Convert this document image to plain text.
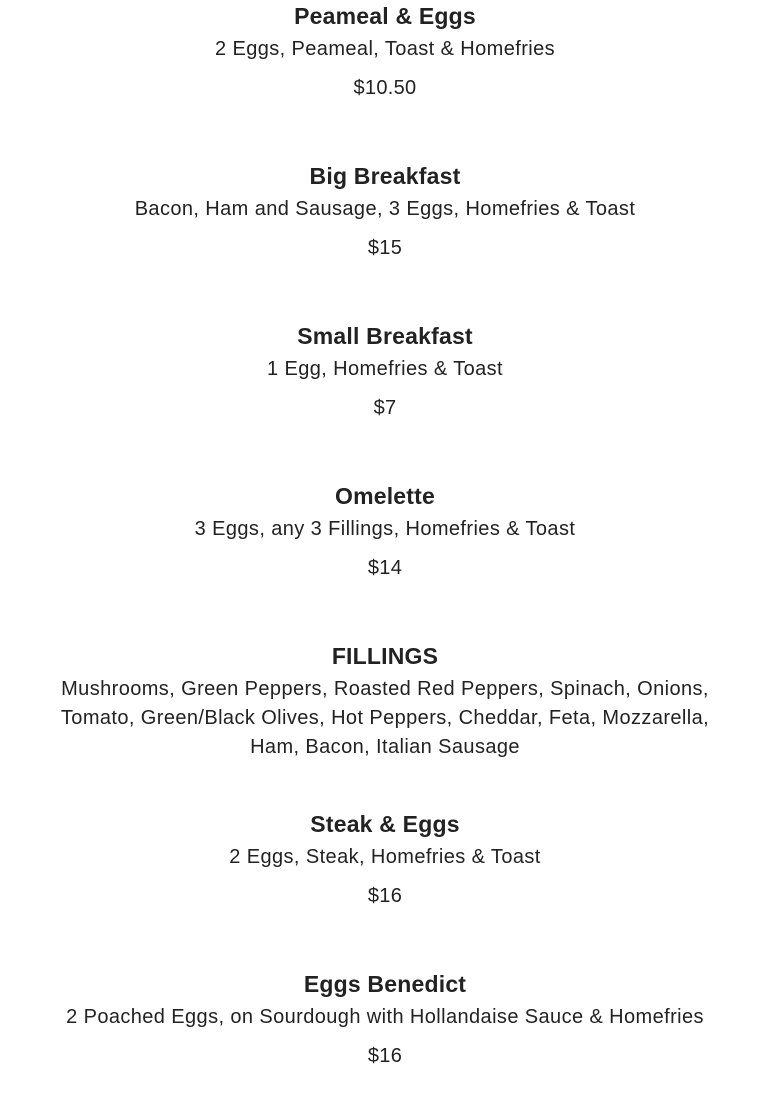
Peameal & Eggs
2 Eggs, Peameal, Toast & Homefries
$10.50
Big Breakfast
Bacon, Ham and Sausage, 3 Eggs, Homefries & Toast
$15
Small Breakfast
1 Egg, Homefries & Toast
$7
Omelette
3 Eggs, any 3 Fillings, Homefries & Toast
$14
FILLINGS
Mushrooms, Green Peppers, Roasted Red Peppers, Spinach, Onions, Tomato, Green/Black Olives, Hot Peppers, Cheddar, Feta, Mozzarella, Ham, Bacon, Italian Sausage
Steak & Eggs
2 Eggs, Steak, Homefries & Toast
$16
Eggs Benedict
2 Poached Eggs, on Sourdough with Hollandaise Sauce & Homefries
$16
